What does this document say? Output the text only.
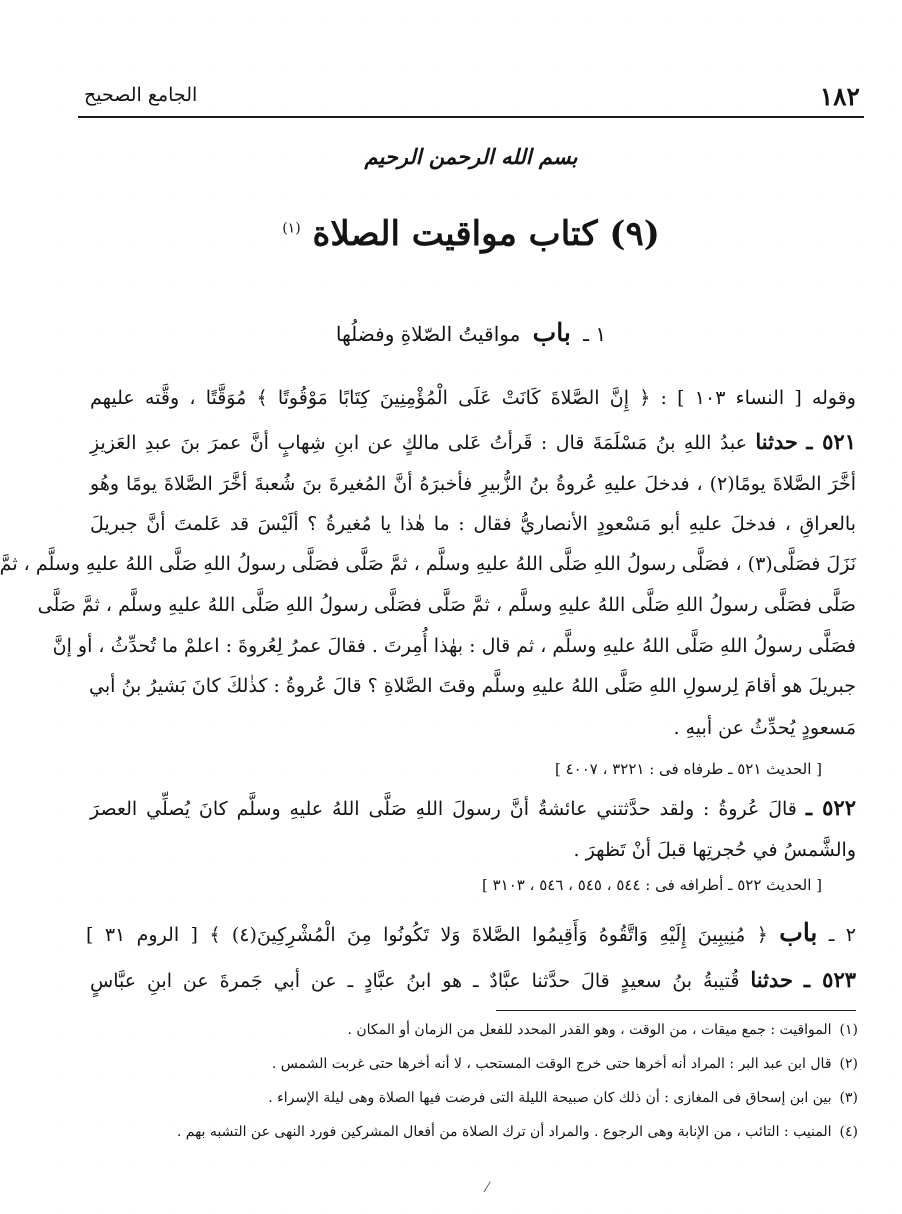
١٨٢
الجامع الصحيح
بسم الله الرحمن الرحيم
(٩) كتاب مواقيت الصلاة $^{(١)}$
١ ـ باب مواقيتُ الصّلاةِ وفضلُها
وقوله [ النساء ١٠٣ ] : ﴿ إِنَّ الصَّلاةَ كَانَتْ عَلَى الْمُؤْمِنِينَ كِتَابًا مَوْقُوتًا ﴾ مُوَقَّتًا ، وقَّته عليهم
٥٢١ ـ حدثنا عبدُ اللهِ بنُ مَسْلَمَةَ قال : قَرأتُ عَلى مالكٍ عن ابنِ شِهابٍ أنَّ عمرَ بنَ عبدِ العَزيزِ
أخَّرَ الصَّلاةَ يومًا(٢) ، فدخلَ عليهِ عُروةُ بنُ الزُّبيرِ فأخبرَهُ أنَّ المُغيرةَ بنَ شُعبةَ أخَّرَ الصَّلاةَ يومًا وهُو
بالعراقِ ، فدخلَ عليهِ أبو مَسْعودٍ الأنصاريُّ فقال : ما هٰذا يا مُغيرةُ ؟ ألَيْسَ قد عَلمتَ أنَّ جبريلَ
نَزَلَ فصَلَّى(٣) ، فصَلَّى رسولُ اللهِ صَلَّى اللهُ عليهِ وسلَّم ، ثمَّ صَلَّى فصَلَّى رسولُ اللهِ صَلَّى اللهُ عليهِ وسلَّم ، ثمَّ
صَلَّى فصَلَّى رسولُ اللهِ صَلَّى اللهُ عليهِ وسلَّم ، ثمَّ صَلَّى فصَلَّى رسولُ اللهِ صَلَّى اللهُ عليهِ وسلَّم ، ثمَّ صَلَّى
فصَلَّى رسولُ اللهِ صَلَّى اللهُ عليهِ وسلَّم ، ثم قال : بهٰذا أُمِرتَ . فقالَ عمرُ لِعُروةَ : اعلمْ ما تُحدِّثُ ، أو إنَّ
جبريلَ هو أقامَ لِرسولِ اللهِ صَلَّى اللهُ عليهِ وسلَّم وقتَ الصَّلاةِ ؟ قالَ عُروةُ : كذٰلكَ كانَ بَشيرُ بنُ أبي
مَسعودٍ يُحدِّثُ عن أبيهِ .
[ الحديث ٥٢١ ـ طرفاه فى : ٣٢٢١ ، ٤٠٠٧ ]
٥٢٢ ـ قالَ عُروةُ : ولقد حدَّثتني عائشةُ أنَّ رسولَ اللهِ صَلَّى اللهُ عليهِ وسلَّم كانَ يُصلِّي العصرَ
والشَّمسُ في حُجرتِها قبلَ أنْ تَظهرَ .
[ الحديث ٥٢٢ ـ أطرافه فى : ٥٤٤ ، ٥٤٥ ، ٥٤٦ ، ٣١٠٣ ]
٢ ـ باب ﴿ مُنِيبِينَ إِلَيْهِ وَاتَّقُوهُ وَأَقِيمُوا الصَّلاةَ وَلا تَكُونُوا مِنَ الْمُشْرِكِينَ(٤) ﴾ [ الروم ٣١ ]
٥٢٣ ـ حدثنا قُتيبةُ بنُ سعيدٍ قالَ حدَّثنا عبَّادٌ ـ هو ابنُ عبَّادٍ ـ عن أبي جَمرةَ عن ابنِ عبَّاسٍ
(١)المواقيت : جمع ميقات ، من الوقت ، وهو القدر المحدد للفعل من الزمان أو المكان .
(٢)قال ابن عبد البر : المراد أنه أخرها حتى خرج الوقت المستحب ، لا أنه أخرها حتى غربت الشمس .
(٣)بين ابن إسحاق فى المغازى : أن ذلك كان صبيحة الليلة التى فرضت فيها الصلاة وهى ليلة الإسراء .
(٤)المنيب : التائب ، من الإنابة وهى الرجوع . والمراد أن ترك الصلاة من أفعال المشركين فورد النهى عن التشبه بهم .
⁄
